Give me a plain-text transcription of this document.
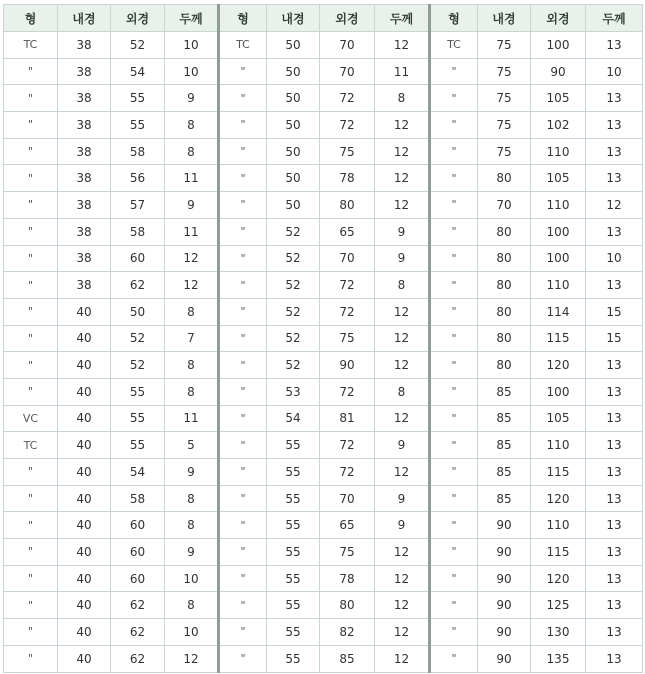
형	내경	외경	두께	형	내경	외경	두께	형	내경	외경	두께
TC	38	52	10	TC	50	70	12	TC	75	100	13
"	38	54	10	"	50	70	11	"	75	90	10
"	38	55	9	"	50	72	8	"	75	105	13
"	38	55	8	"	50	72	12	"	75	102	13
"	38	58	8	"	50	75	12	"	75	110	13
"	38	56	11	"	50	78	12	"	80	105	13
"	38	57	9	"	50	80	12	"	70	110	12
"	38	58	11	"	52	65	9	"	80	100	13
"	38	60	12	"	52	70	9	"	80	100	10
"	38	62	12	"	52	72	8	"	80	110	13
"	40	50	8	"	52	72	12	"	80	114	15
"	40	52	7	"	52	75	12	"	80	115	15
"	40	52	8	"	52	90	12	"	80	120	13
"	40	55	8	"	53	72	8	"	85	100	13
VC	40	55	11	"	54	81	12	"	85	105	13
TC	40	55	5	"	55	72	9	"	85	110	13
"	40	54	9	"	55	72	12	"	85	115	13
"	40	58	8	"	55	70	9	"	85	120	13
"	40	60	8	"	55	65	9	"	90	110	13
"	40	60	9	"	55	75	12	"	90	115	13
"	40	60	10	"	55	78	12	"	90	120	13
"	40	62	8	"	55	80	12	"	90	125	13
"	40	62	10	"	55	82	12	"	90	130	13
"	40	62	12	"	55	85	12	"	90	135	13
